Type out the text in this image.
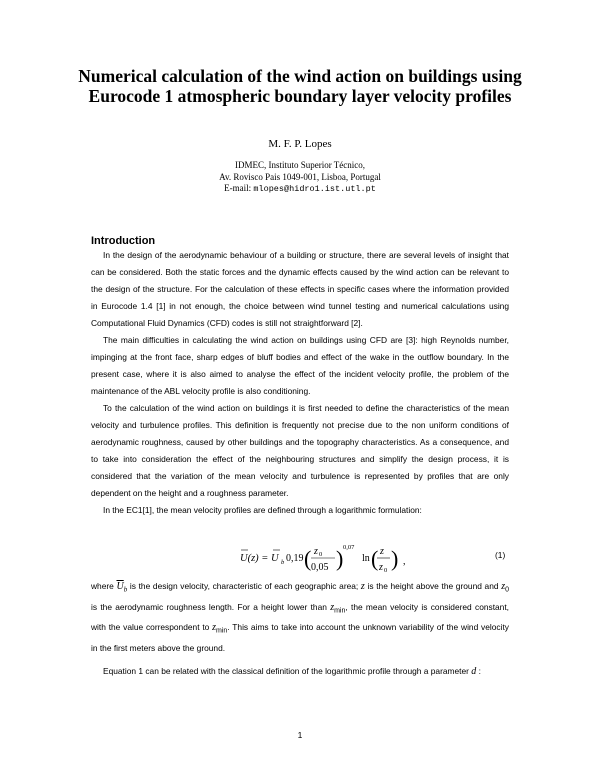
Numerical calculation of the wind action on buildings using
Eurocode 1 atmospheric boundary layer velocity profiles
M. F. P. Lopes
IDMEC, Instituto Superior Técnico,
Av. Rovisco Pais 1049-001, Lisboa, Portugal
E-mail: mlopes@hidro1.ist.utl.pt
Introduction

In the design of the aerodynamic behaviour of a building or structure, there are several levels of insight that can be considered. Both the static forces and the dynamic effects caused by the wind action can be relevant to the design of the structure. For the calculation of these effects in specific cases where the information provided in Eurocode 1.4 [1] in not enough, the choice between wind tunnel testing and numerical calculations using Computational Fluid Dynamics (CFD) codes is still not straightforward [2].

The main difficulties in calculating the wind action on buildings using CFD are [3]: high Reynolds number, impinging at the front face, sharp edges of bluff bodies and effect of the wake in the outflow boundary. In the present case, where it is also aimed to analyse the effect of the incident velocity profile, the problem of the maintenance of the ABL velocity profile is also conditioning.

To the calculation of the wind action on buildings it is first needed to define the characteristics of the mean velocity and turbulence profiles. This definition is frequently not precise due to the non uniform conditions of aerodynamic roughness, caused by other buildings and the topography characteristics. As a consequence, and to take into consideration the effect of the neighbouring structures and simplify the design process, it is considered that the variation of the mean velocity and turbulence is represented by profiles that are only dependent on the height and a roughness parameter.

In the EC1[1], the mean velocity profiles are defined through a logarithmic formulation:

U(z) = U b 0,19 ( z 0
0,05 ) 0,07
ln ( z
z 0 ) ,
(1)

where $\overline{U}_b$ is the design velocity, characteristic of each geographic area; z is the height above the ground and $z_0$ is the aerodynamic roughness length. For a height lower than $z_{min}$, the mean velocity is considered constant, with the value correspondent to $z_{min}$. This aims to take into account the unknown variability of the wind velocity in the first meters above the ground.

Equation 1 can be related with the classical definition of the logarithmic profile through a parameter d :

1
